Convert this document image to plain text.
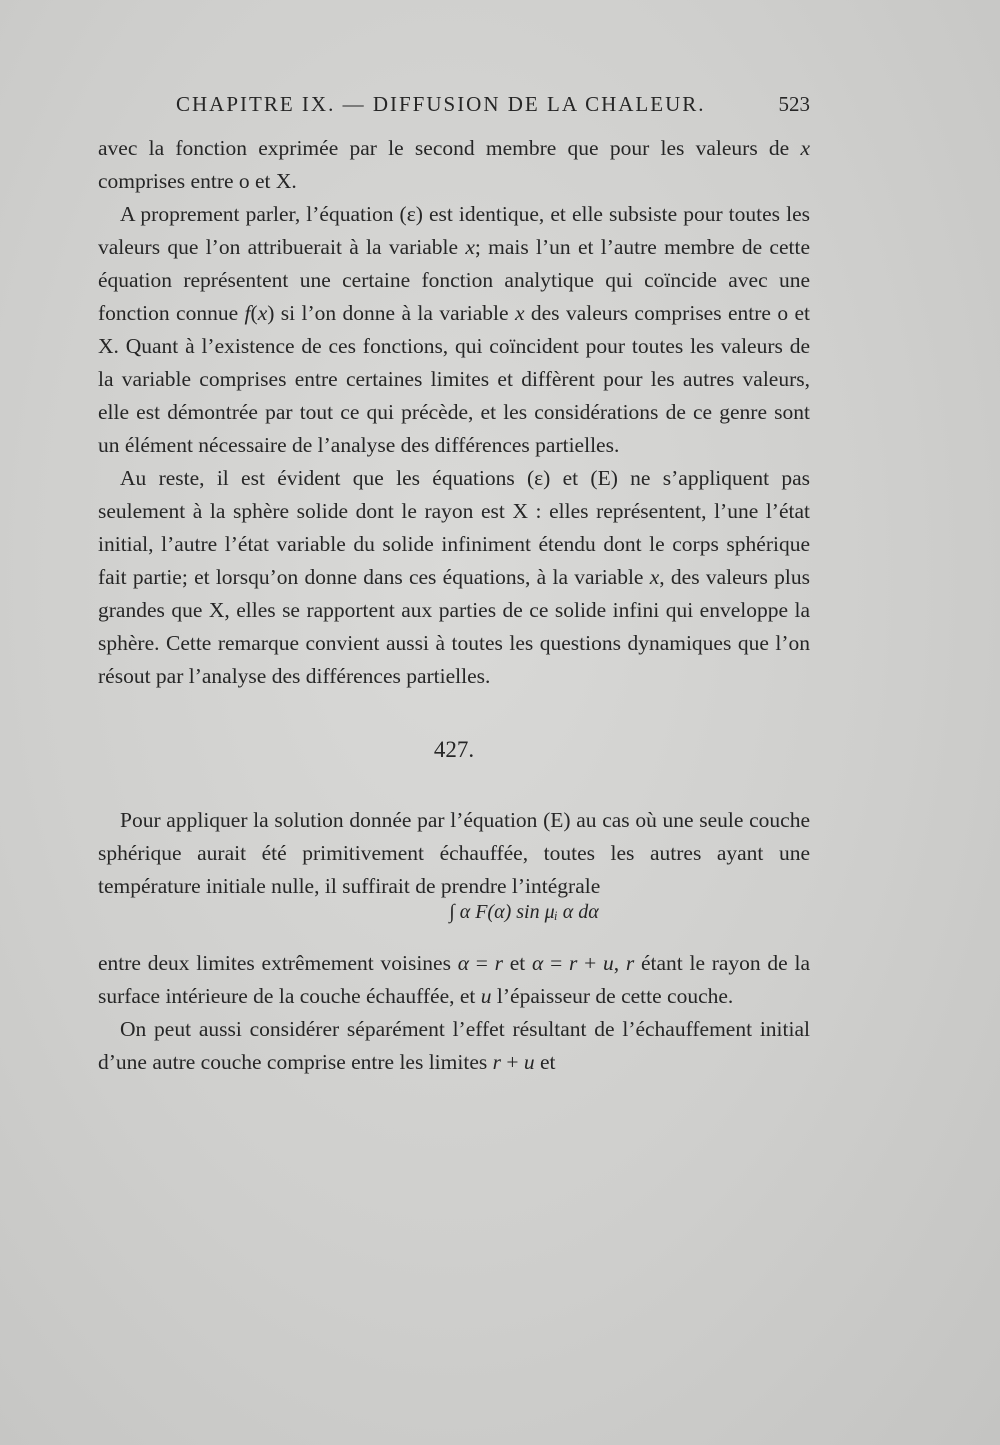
CHAPITRE IX. — DIFFUSION DE LA CHALEUR.	523

avec la fonction exprimée par le second membre que pour les valeurs de x comprises entre o et X.

A proprement parler, l’équation (ε) est identique, et elle subsiste pour toutes les valeurs que l’on attribuerait à la variable x; mais l’un et l’autre membre de cette équation représentent une certaine fonction analytique qui coïncide avec une fonction connue f(x) si l’on donne à la variable x des valeurs comprises entre o et X. Quant à l’existence de ces fonctions, qui coïncident pour toutes les valeurs de la variable comprises entre certaines limites et diffèrent pour les autres valeurs, elle est démontrée par tout ce qui précède, et les considérations de ce genre sont un élément nécessaire de l’analyse des différences partielles.

Au reste, il est évident que les équations (ε) et (E) ne s’appliquent pas seulement à la sphère solide dont le rayon est X : elles représentent, l’une l’état initial, l’autre l’état variable du solide infiniment étendu dont le corps sphérique fait partie; et lorsqu’on donne dans ces équations, à la variable x, des valeurs plus grandes que X, elles se rapportent aux parties de ce solide infini qui enveloppe la sphère. Cette remarque convient aussi à toutes les questions dynamiques que l’on résout par l’analyse des différences partielles.

427.

Pour appliquer la solution donnée par l’équation (E) au cas où une seule couche sphérique aurait été primitivement échauffée, toutes les autres ayant une température initiale nulle, il suffirait de prendre l’intégrale

∫ α F(α) sin μᵢ α dα

entre deux limites extrêmement voisines α = r et α = r + u, r étant le rayon de la surface intérieure de la couche échauffée, et u l’épaisseur de cette couche.

On peut aussi considérer séparément l’effet résultant de l’échauffement initial d’une autre couche comprise entre les limites r + u et
